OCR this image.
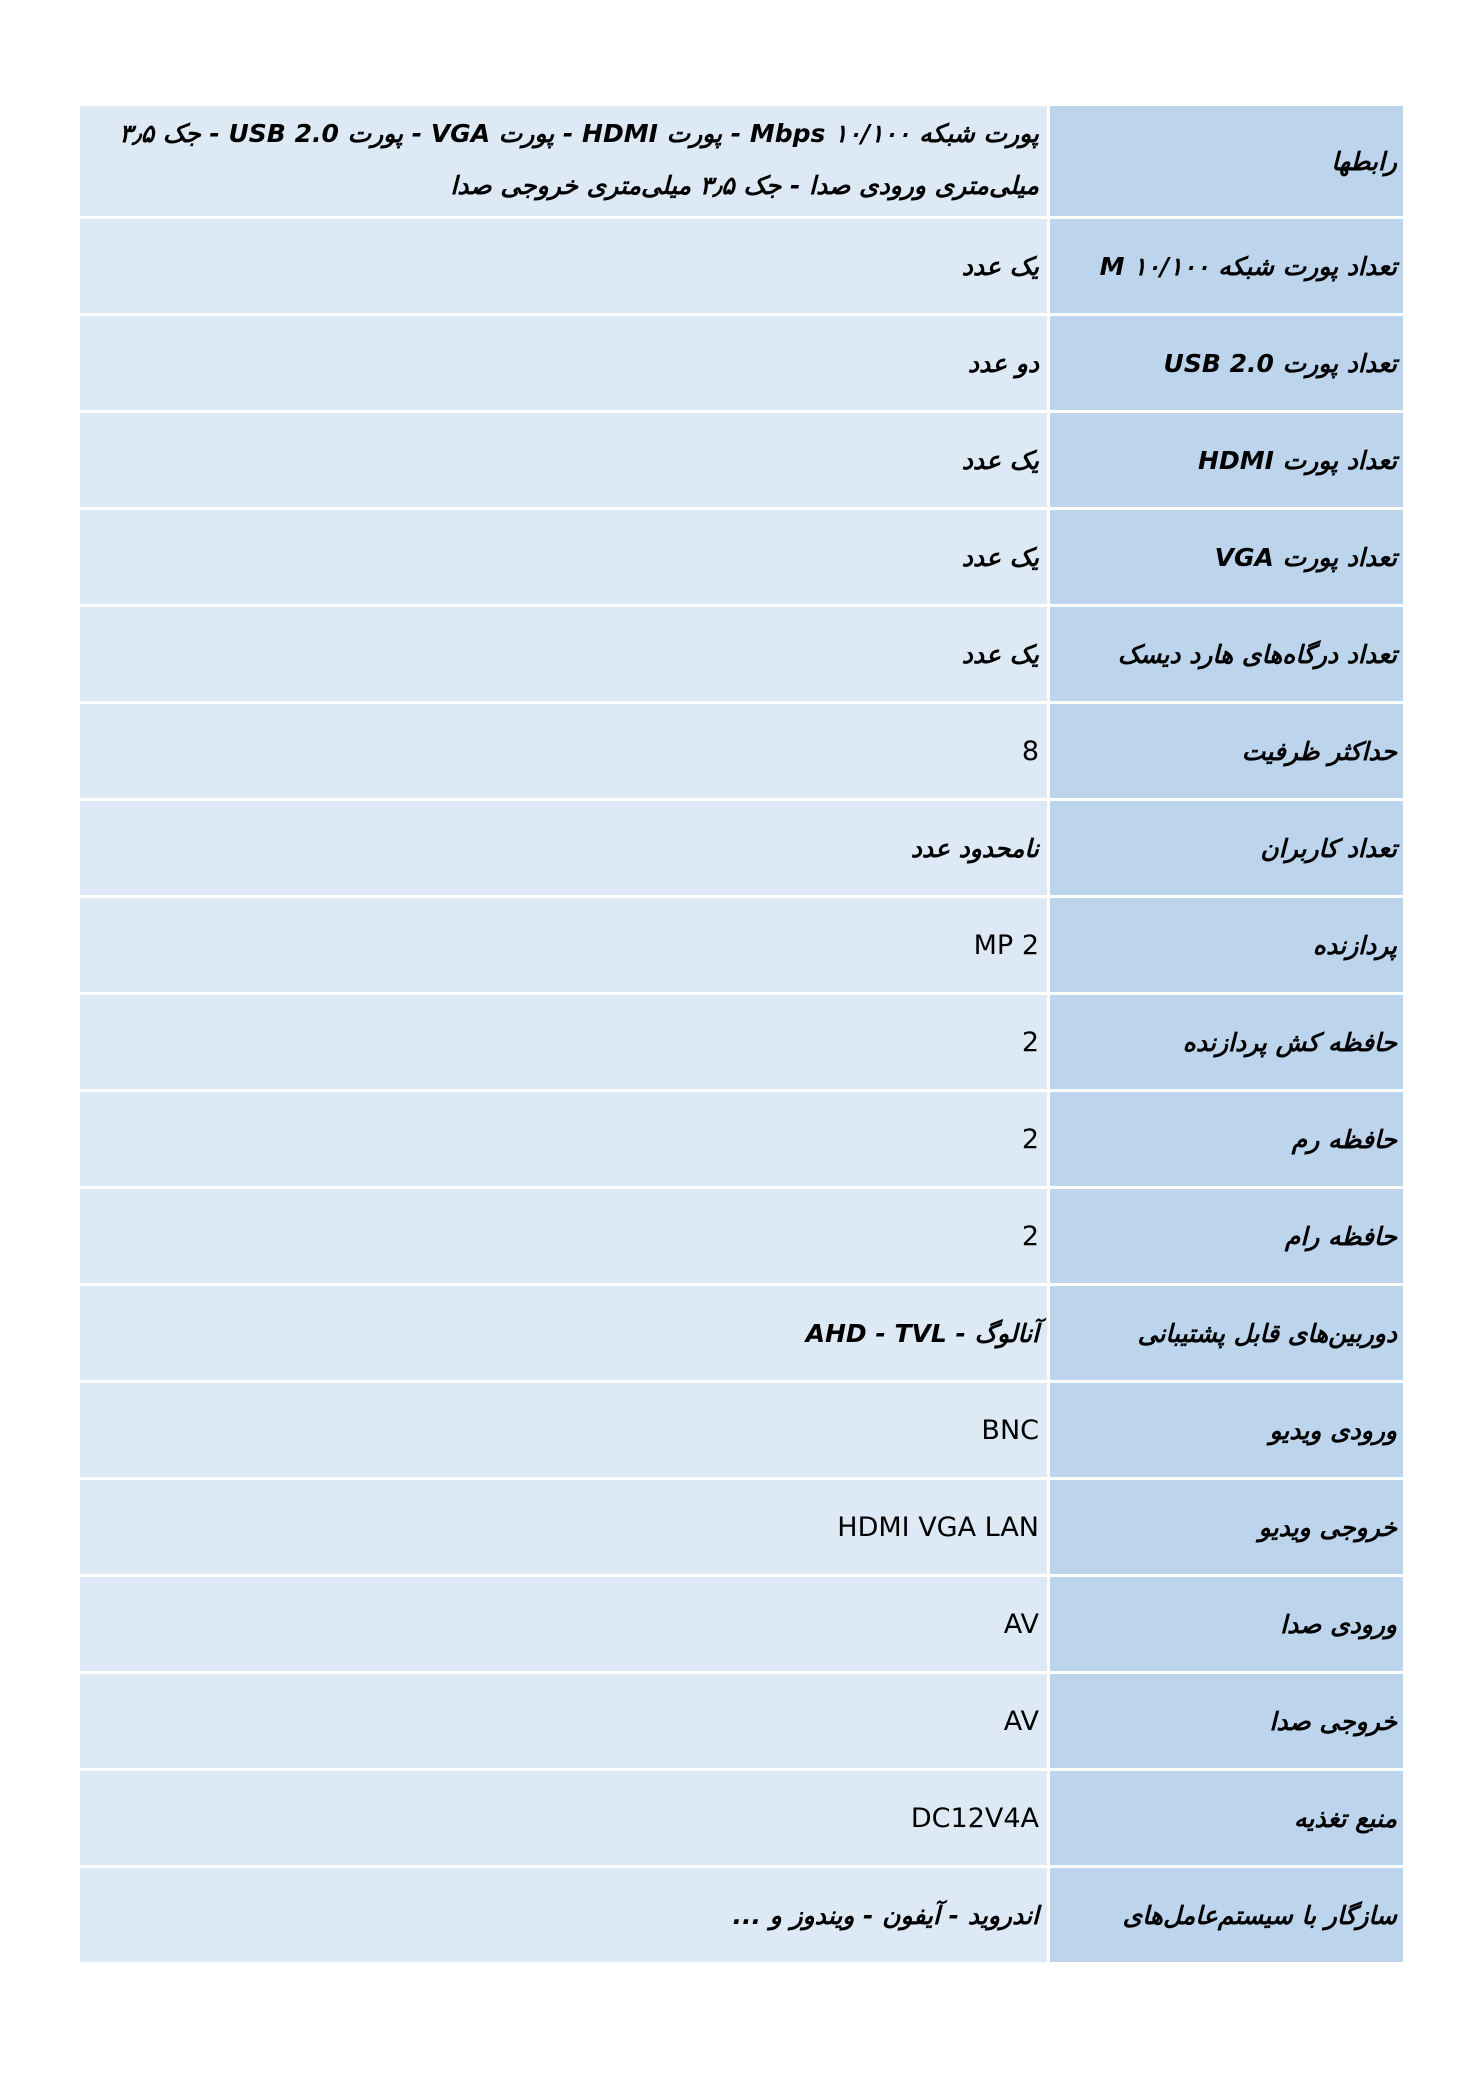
رابطها	پورت شبکه ۱۰/۱۰۰ Mbps - پورت HDMI - پورت VGA - پورت USB 2.0 - جک ۳٫۵ میلی‌متری ورودی صدا - جک ۳٫۵ میلی‌متری خروجی صدا
تعداد پورت شبکه ۱۰/۱۰۰ M	یک عدد
تعداد پورت USB 2.0	دو عدد
تعداد پورت HDMI	یک عدد
تعداد پورت VGA	یک عدد
تعداد درگاه‌های هارد دیسک	یک عدد
حداکثر ظرفیت	8
تعداد کاربران	نامحدود عدد
پردازنده	2 MP
حافظه کش پردازنده	2
حافظه رم	2
حافظه رام	2
دوربین‌های قابل پشتیبانی	آنالوگ - AHD - TVL
ورودی ویدیو	BNC
خروجی ویدیو	HDMI VGA LAN
ورودی صدا	AV
خروجی صدا	AV
منبع تغذیه	DC12V4A
سازگار با سیستم‌عامل‌های	اندروید - آیفون - ویندوز و ...
